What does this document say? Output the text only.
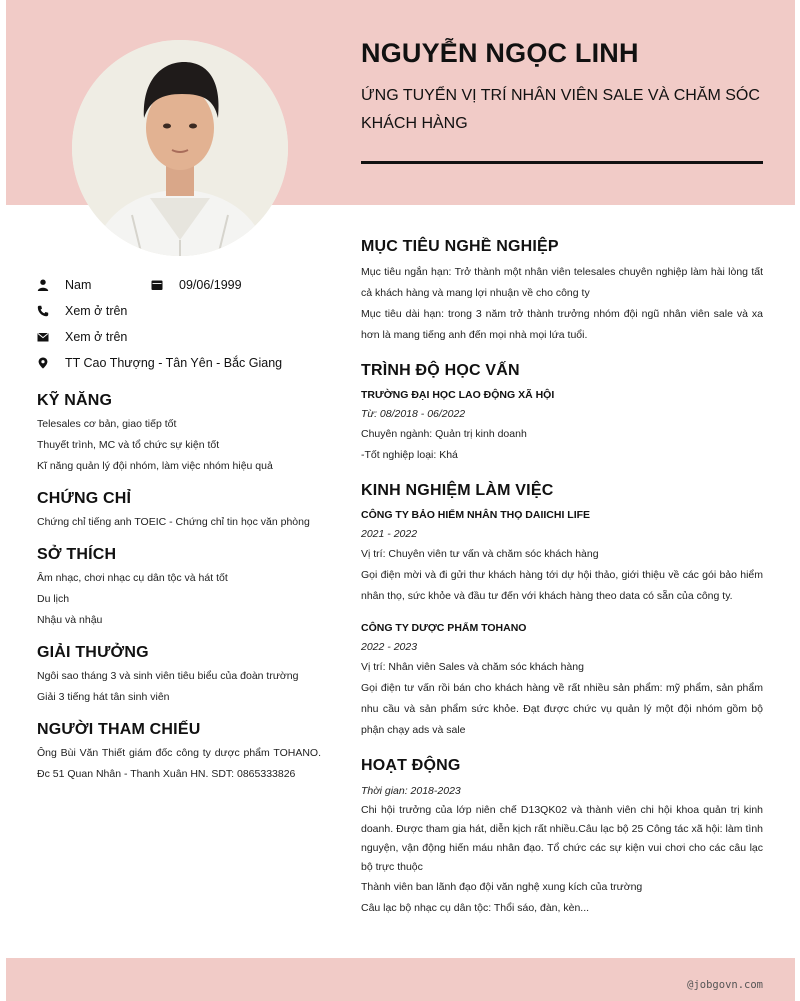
NGUYỄN NGỌC LINH
ỨNG TUYỂN VỊ TRÍ NHÂN VIÊN SALE VÀ CHĂM SÓC KHÁCH HÀNG
Nam	09/06/1999
Xem ở trên
Xem ở trên
TT Cao Thượng - Tân Yên - Bắc Giang
KỸ NĂNG
Telesales cơ bản, giao tiếp tốt
Thuyết trình, MC và tổ chức sự kiện tốt
Kĩ năng quản lý đội nhóm, làm việc nhóm hiệu quả
CHỨNG CHỈ
Chứng chỉ tiếng anh TOEIC - Chứng chỉ tin học văn phòng
SỞ THÍCH
Âm nhạc, chơi nhạc cụ dân tộc và hát tốt
Du lịch
Nhậu và nhậu
GIẢI THƯỞNG
Ngôi sao tháng 3 và sinh viên tiêu biểu của đoàn trường
Giải 3 tiếng hát tân sinh viên
NGƯỜI THAM CHIẾU
Ông Bùi Văn Thiết giám đốc công ty dược phẩm TOHANO. Đc 51 Quan Nhân - Thanh Xuân HN. SDT: 0865333826
MỤC TIÊU NGHỀ NGHIỆP
Mục tiêu ngắn hạn: Trở thành một nhân viên telesales chuyên nghiệp làm hài lòng tất cả khách hàng và mang lợi nhuận về cho công ty
Mục tiêu dài hạn: trong 3 năm trở thành trưởng nhóm đội ngũ nhân viên sale và xa hơn là mang tiếng anh đến mọi nhà mọi lứa tuổi.
TRÌNH ĐỘ HỌC VẤN
TRƯỜNG ĐẠI HỌC LAO ĐỘNG XÃ HỘI
Từ: 08/2018 - 06/2022
Chuyên ngành: Quản trị kinh doanh
-Tốt nghiệp loại: Khá
KINH NGHIỆM LÀM VIỆC
CÔNG TY BẢO HIỂM NHÂN THỌ DAIICHI LIFE
2021 - 2022
Vị trí: Chuyên viên tư vấn và chăm sóc khách hàng
Gọi điện mời và đi gửi thư khách hàng tới dự hội thảo, giới thiệu về các gói bảo hiểm nhân thọ, sức khỏe và đầu tư đến với khách hàng theo data có sẵn của công ty.
CÔNG TY DƯỢC PHẨM TOHANO
2022 - 2023
Vị trí: Nhân viên Sales và chăm sóc khách hàng
Gọi điện tư vấn rồi bán cho khách hàng về rất nhiều sản phẩm: mỹ phẩm, sản phẩm nhu cầu và sản phẩm sức khỏe. Đạt được chức vụ quản lý một đội nhóm gồm bộ phận chạy ads và sale
HOẠT ĐỘNG
Thời gian: 2018-2023
Chi hội trưởng của lớp niên chế D13QK02 và thành viên chi hội khoa quản trị kinh doanh. Được tham gia hát, diễn kịch rất nhiều.Câu lạc bộ 25 Công tác xã hội: làm tình nguyện, vận động hiến máu nhân đạo. Tổ chức các sự kiện vui chơi cho các câu lạc bộ trực thuộc
Thành viên ban lãnh đạo đội văn nghệ xung kích của trường
Câu lạc bộ nhạc cụ dân tộc: Thổi sáo, đàn, kèn...
@jobgovn.com
